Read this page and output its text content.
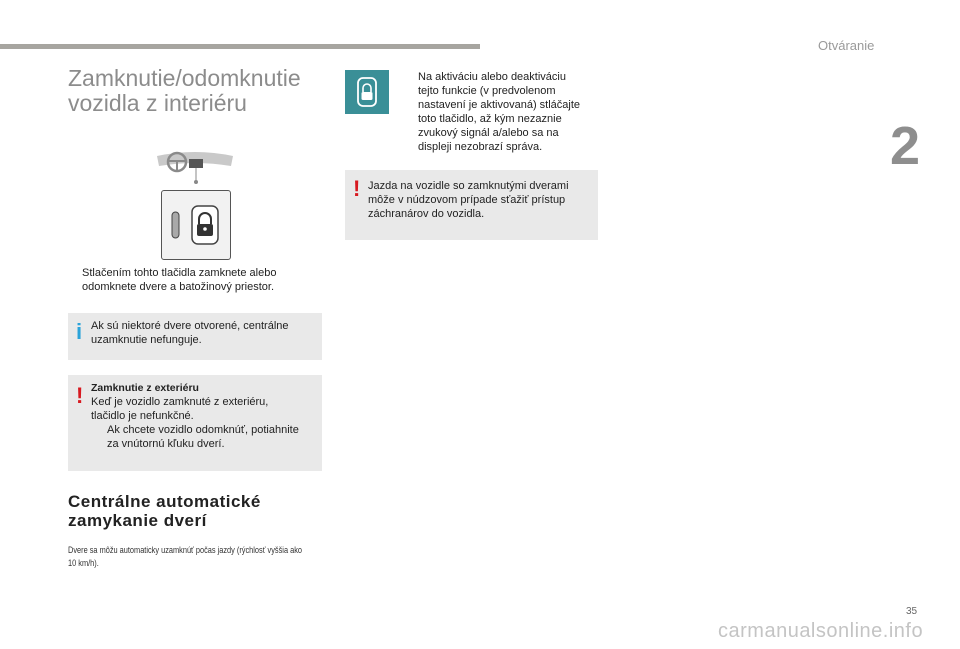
Otváranie
2
Zamknutie/odomknutie
vozidla z interiéru

Stlačením tohto tlačidla zamknete alebo
odomknete dvere a batožinový priestor.

i Ak sú niektoré dvere otvorené, centrálne
uzamknutie nefunguje.
! Zamknutie z exteriéru
Keď je vozidlo zamknuté z exteriéru,
tlačidlo je nefunkčné.
Ak chcete vozidlo odomknúť, potiahnite
za vnútornú kľuku dverí.
Centrálne automatické
zamykanie dverí
Dvere sa môžu automaticky uzamknúť počas jazdy (rýchlosť vyššia ako
10 km/h).

Na aktiváciu alebo deaktiváciu
tejto funkcie (v predvolenom
nastavení je aktivovaná) stláčajte
toto tlačidlo, až kým nezaznie
zvukový signál a/alebo sa na
displeji nezobrazí správa.

! Jazda na vozidle so zamknutými dverami
môže v núdzovom prípade sťažiť prístup
záchranárov do vozidla.
35
carmanualsonline.info
